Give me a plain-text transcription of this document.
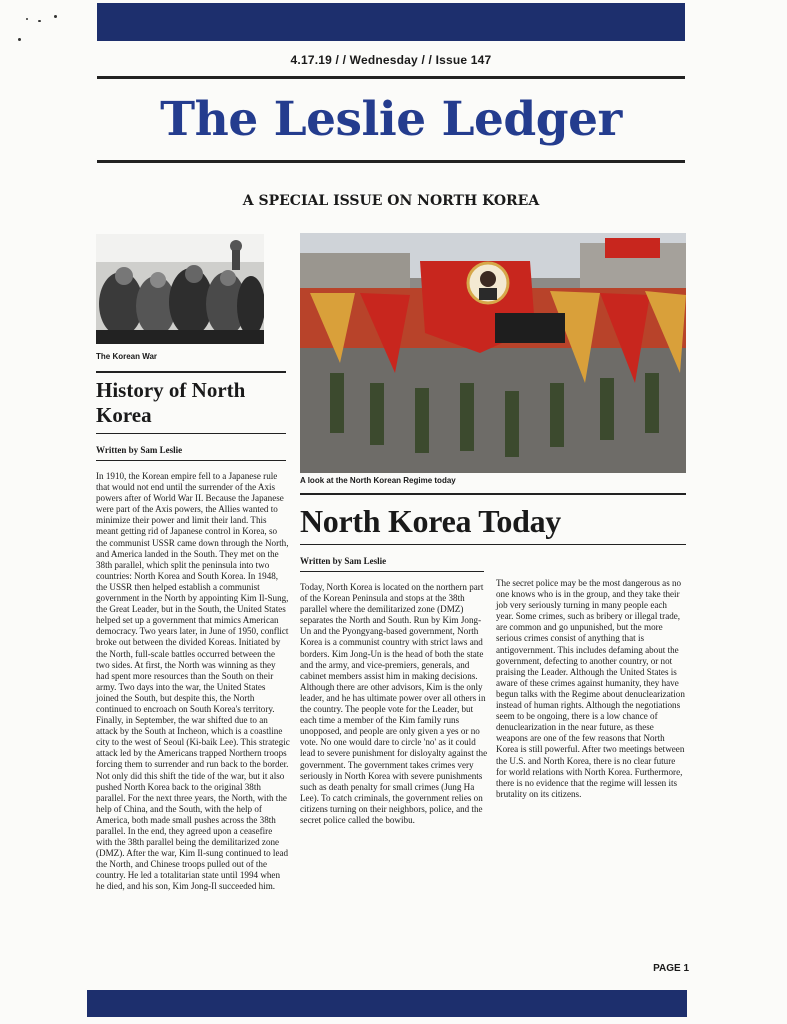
4.17.19 / / Wednesday / / Issue 147
The Leslie Ledger
A SPECIAL ISSUE ON NORTH KOREA
The Korean War
A look at the North Korean Regime today
History of North Korea
Written by Sam Leslie

In 1910, the Korean empire fell to a Japanese rule that would not end until the surrender of the Axis powers after of World War II. Because the Japanese were part of the Axis powers, the Allies wanted to minimize their power and limit their land. This meant getting rid of Japanese control in Korea, so the communist USSR came down through the North, and America landed in the South. They met on the 38th parallel, which split the peninsula into two countries: North Korea and South Korea. In 1948, the USSR then helped establish a communist government in the North by appointing Kim Il-Sung, the Great Leader, but in the South, the United States helped set up a government that mimics American democracy. Two years later, in June of 1950, conflict broke out between the divided Koreas. Initiated by the North, full-scale battles occurred between the two sides. At first, the North was winning as they had spent more resources than the South on their army. Two days into the war, the United States joined the South, but despite this, the North continued to encroach on South Korea's territory. Finally, in September, the war shifted due to an attack by the South at Incheon, which is a coastline city to the west of Seoul (Ki-baik Lee). This strategic attack led by the Americans trapped Northern troops forcing them to surrender and run back to the border. Not only did this shift the tide of the war, but it also pushed North Korea back to the original 38th parallel. For the next three years, the North, with the help of China, and the South, with the help of America, both made small pushes across the 38th parallel. In the end, they agreed upon a ceasefire with the 38th parallel being the demilitarized zone (DMZ). After the war, Kim Il-sung continued to lead the North, and Chinese troops pulled out of the country. He led a totalitarian state until 1994 when he died, and his son, Kim Jong-Il succeeded him.

North Korea Today
Written by Sam Leslie

Today, North Korea is located on the northern part of the Korean Peninsula and stops at the 38th parallel where the demilitarized zone (DMZ) separates the North and South. Run by Kim Jong-Un and the Pyongyang-based government, North Korea is a communist country with strict laws and borders. Kim Jong-Un is the head of both the state and the army, and vice-premiers, generals, and cabinet members assist him in making decisions. Although there are other advisors, Kim is the only leader, and he has ultimate power over all others in the country. The people vote for the Leader, but each time a member of the Kim family runs unopposed, and people are only given a yes or no vote. No one would dare to circle 'no' as it could lead to severe punishment for disloyalty against the government. The government takes crimes very seriously in North Korea with severe punishments such as death penalty for small crimes (Jung Ha Lee). To catch criminals, the government relies on citizens turning on their neighbors, police, and the secret police called the bowibu.

The secret police may be the most dangerous as no one knows who is in the group, and they take their job very seriously turning in many people each year. Some crimes, such as bribery or illegal trade, are common and go unpunished, but the more serious crimes consist of anything that is antigovernment. This includes defaming about the government, defecting to another country, or not praising the Leader. Although the United States is aware of these crimes against humanity, they have begun talks with the Regime about denuclearization instead of human rights. Although the negotiations seem to be ongoing, there is a low chance of denuclearization in the near future, as these weapons are one of the few reasons that North Korea is still powerful. After two meetings between the U.S. and North Korea, there is no clear future for world relations with North Korea. Furthermore, there is no evidence that the regime will lessen its brutality on its citizens.

PAGE 1
